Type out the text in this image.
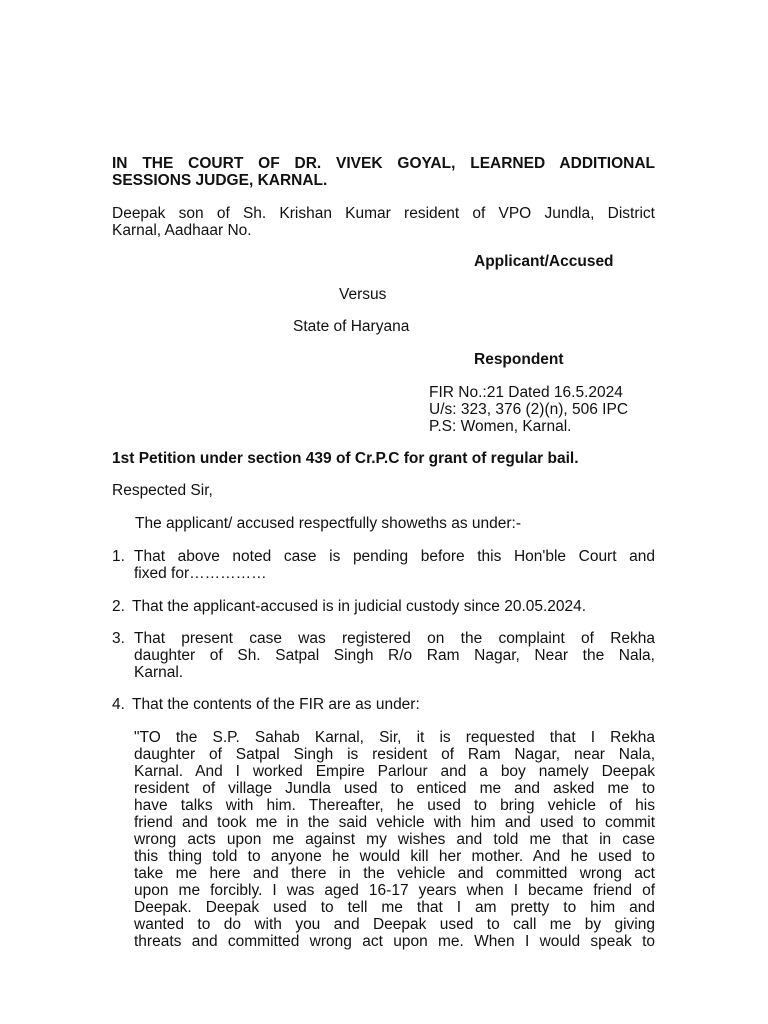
IN THE COURT OF DR. VIVEK GOYAL, LEARNED ADDITIONAL
SESSIONS JUDGE, KARNAL.
Deepak son of Sh. Krishan Kumar resident of VPO Jundla, District
Karnal, Aadhaar No.
Applicant/Accused
Versus
State of Haryana
Respondent
FIR No.:21 Dated 16.5.2024
U/s: 323, 376 (2)(n), 506 IPC
P.S: Women, Karnal.
1st Petition under section 439 of Cr.P.C for grant of regular bail.
Respected Sir,
The applicant/ accused respectfully showeths as under:-
1. That above noted case is pending before this Hon'ble Court and
fixed for……………
2. That the applicant-accused is in judicial custody since 20.05.2024.
3. That present case was registered on the complaint of Rekha
daughter of Sh. Satpal Singh R/o Ram Nagar, Near the Nala,
Karnal.
4. That the contents of the FIR are as under:
"TO the S.P. Sahab Karnal, Sir, it is requested that I Rekha
daughter of Satpal Singh is resident of Ram Nagar, near Nala,
Karnal. And I worked Empire Parlour and a boy namely Deepak
resident of village Jundla used to enticed me and asked me to
have talks with him. Thereafter, he used to bring vehicle of his
friend and took me in the said vehicle with him and used to commit
wrong acts upon me against my wishes and told me that in case
this thing told to anyone he would kill her mother. And he used to
take me here and there in the vehicle and committed wrong act
upon me forcibly. I was aged 16-17 years when I became friend of
Deepak. Deepak used to tell me that I am pretty to him and
wanted to do with you and Deepak used to call me by giving
threats and committed wrong act upon me. When I would speak to
